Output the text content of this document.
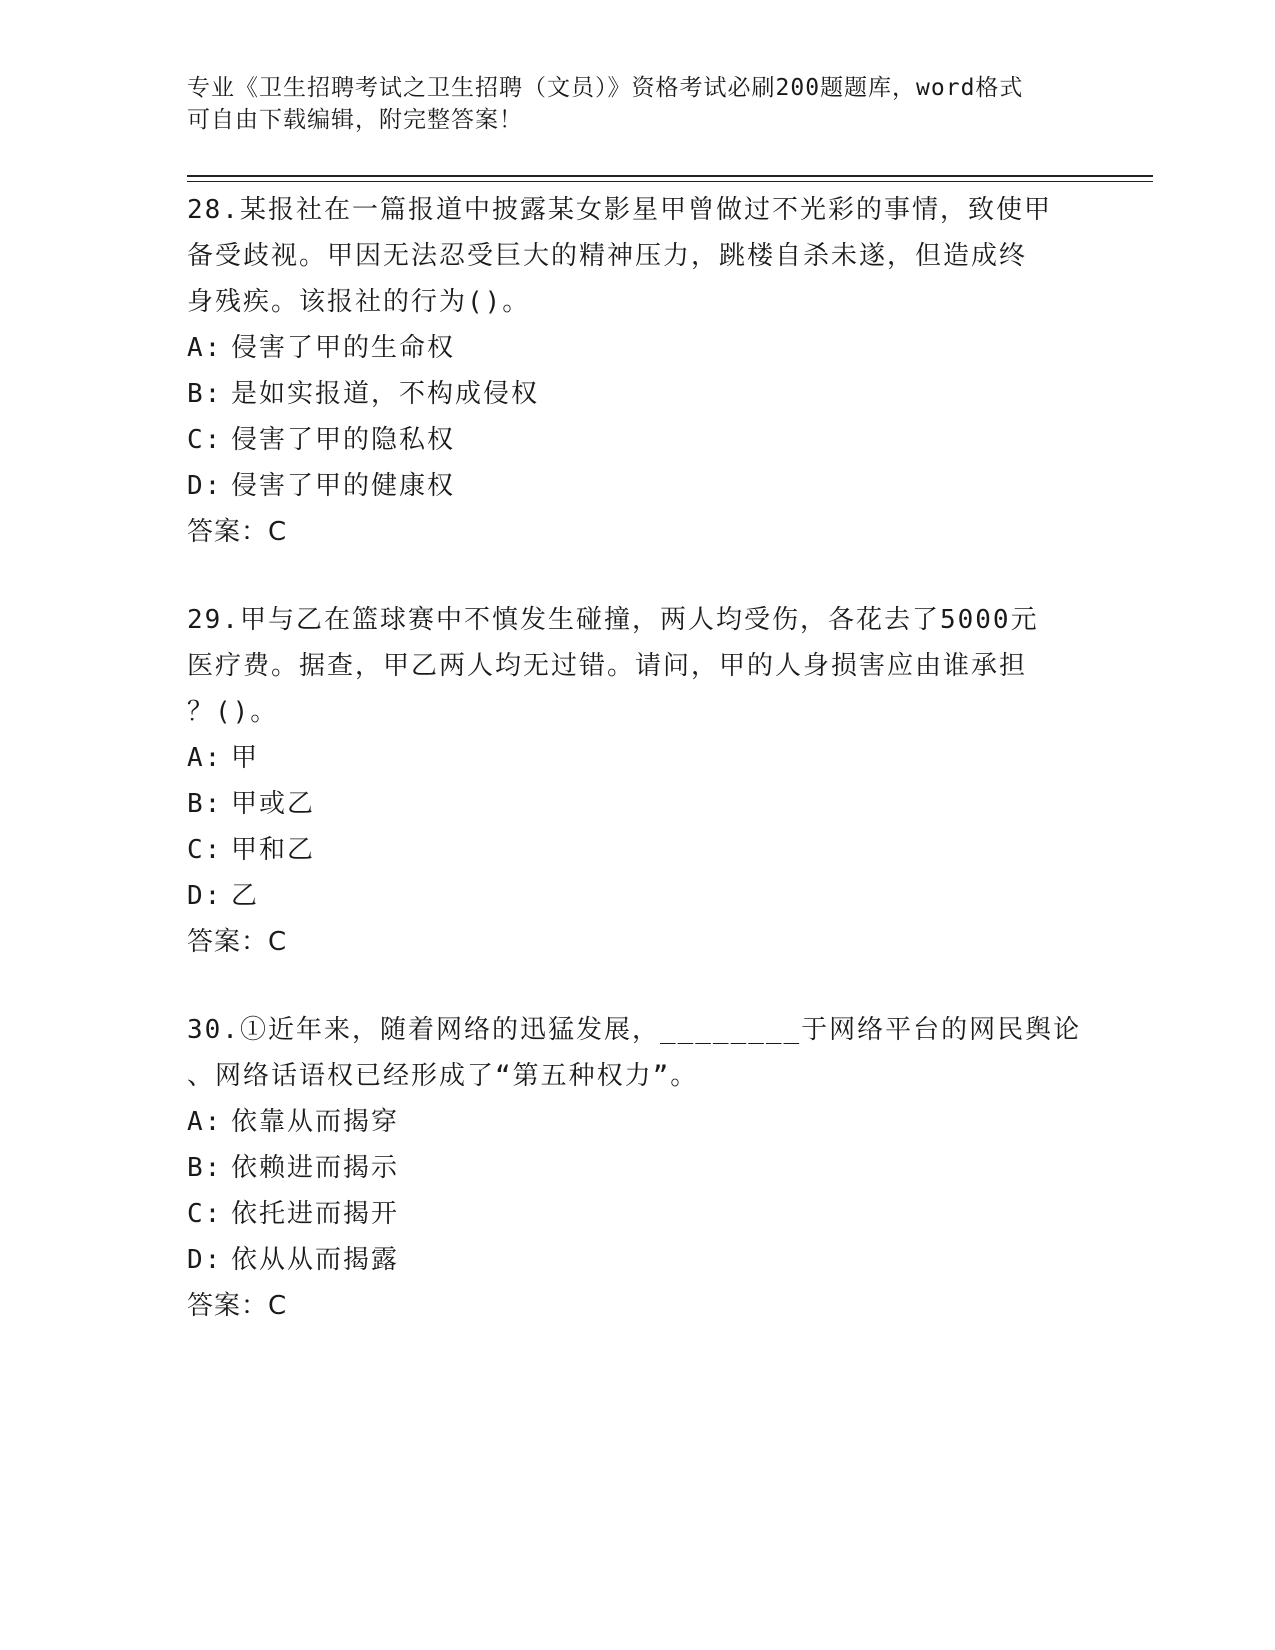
专业《卫生招聘考试之卫生招聘（文员）》资格考试必刷200题题库，word格式
可自由下载编辑，附完整答案！
28.某报社在一篇报道中披露某女影星甲曾做过不光彩的事情，致使甲
备受歧视。甲因无法忍受巨大的精神压力，跳楼自杀未遂，但造成终
身残疾。该报社的行为()。
A: 侵害了甲的生命权
B: 是如实报道，不构成侵权
C: 侵害了甲的隐私权
D: 侵害了甲的健康权
答案：C
29.甲与乙在篮球赛中不慎发生碰撞，两人均受伤，各花去了5000元
医疗费。据查，甲乙两人均无过错。请问，甲的人身损害应由谁承担
？()。
A: 甲
B: 甲或乙
C: 甲和乙
D: 乙
答案：C
30.①近年来，随着网络的迅猛发展，________于网络平台的网民舆论
、网络话语权已经形成了“第五种权力”。
A: 依靠从而揭穿
B: 依赖进而揭示
C: 依托进而揭开
D: 依从从而揭露
答案：C
